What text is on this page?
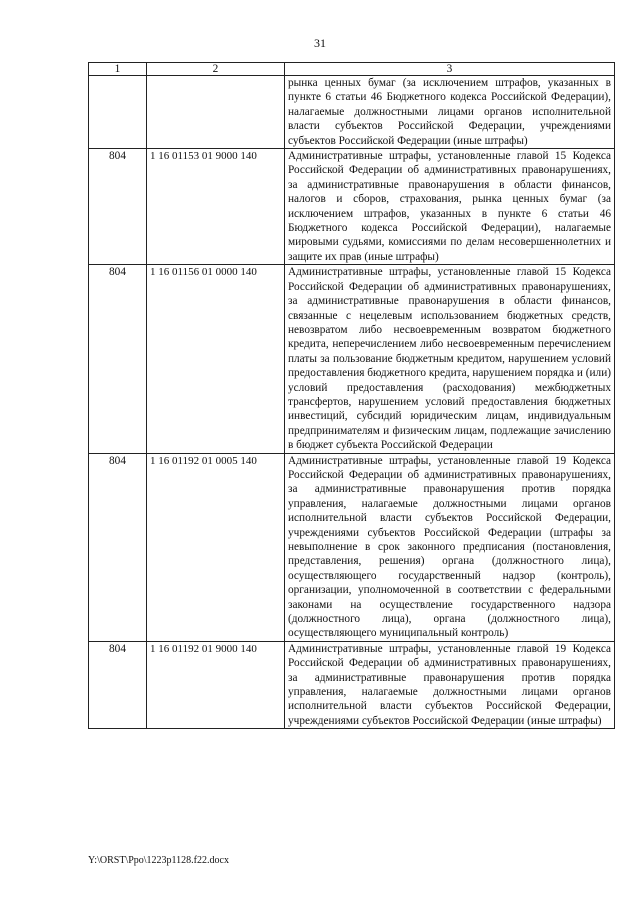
31
1	2	3
		рынка ценных бумаг (за исключением штрафов, указанных в пункте 6 статьи 46 Бюджетного кодекса Российской Федерации), налагаемые должностными лицами органов исполнительной власти субъектов Российской Федерации, учреждениями субъектов Российской Федерации (иные штрафы)
804	1 16 01153 01 9000 140	Административные штрафы, установленные главой 15 Кодекса Российской Федерации об административных правонарушениях, за административные правонарушения в области финансов, налогов и сборов, страхования, рынка ценных бумаг (за исключением штрафов, указанных в пункте 6 статьи 46 Бюджетного кодекса Российской Федерации), налагаемые мировыми судьями, комиссиями по делам несовершеннолетних и защите их прав (иные штрафы)
804	1 16 01156 01 0000 140	Административные штрафы, установленные главой 15 Кодекса Российской Федерации об административных правонарушениях, за административные правонарушения в области финансов, связанные с нецелевым использованием бюджетных средств, невозвратом либо несвоевременным возвратом бюджетного кредита, неперечислением либо несвоевременным перечислением платы за пользование бюджетным кредитом, нарушением условий предоставления бюджетного кредита, нарушением порядка и (или) условий предоставления (расходования) межбюджетных трансфертов, нарушением условий предоставления бюджетных инвестиций, субсидий юридическим лицам, индивидуальным предпринимателям и физическим лицам, подлежащие зачислению в бюджет субъекта Российской Федерации
804	1 16 01192 01 0005 140	Административные штрафы, установленные главой 19 Кодекса Российской Федерации об административных правонарушениях, за административные правонарушения против порядка управления, налагаемые должностными лицами органов исполнительной власти субъектов Российской Федерации, учреждениями субъектов Российской Федерации (штрафы за невыполнение в срок законного предписания (постановления, представления, решения) органа (должностного лица), осуществляющего государственный надзор (контроль), организации, уполномоченной в соответствии с федеральными законами на осуществление государственного надзора (должностного лица), органа (должностного лица), осуществляющего муниципальный контроль)
804	1 16 01192 01 9000 140	Административные штрафы, установленные главой 19 Кодекса Российской Федерации об административных правонарушениях, за административные правонарушения против порядка управления, налагаемые должностными лицами органов исполнительной власти субъектов Российской Федерации, учреждениями субъектов Российской Федерации (иные штрафы)
Y:\ORST\Ppo\1223p1128.f22.docx
